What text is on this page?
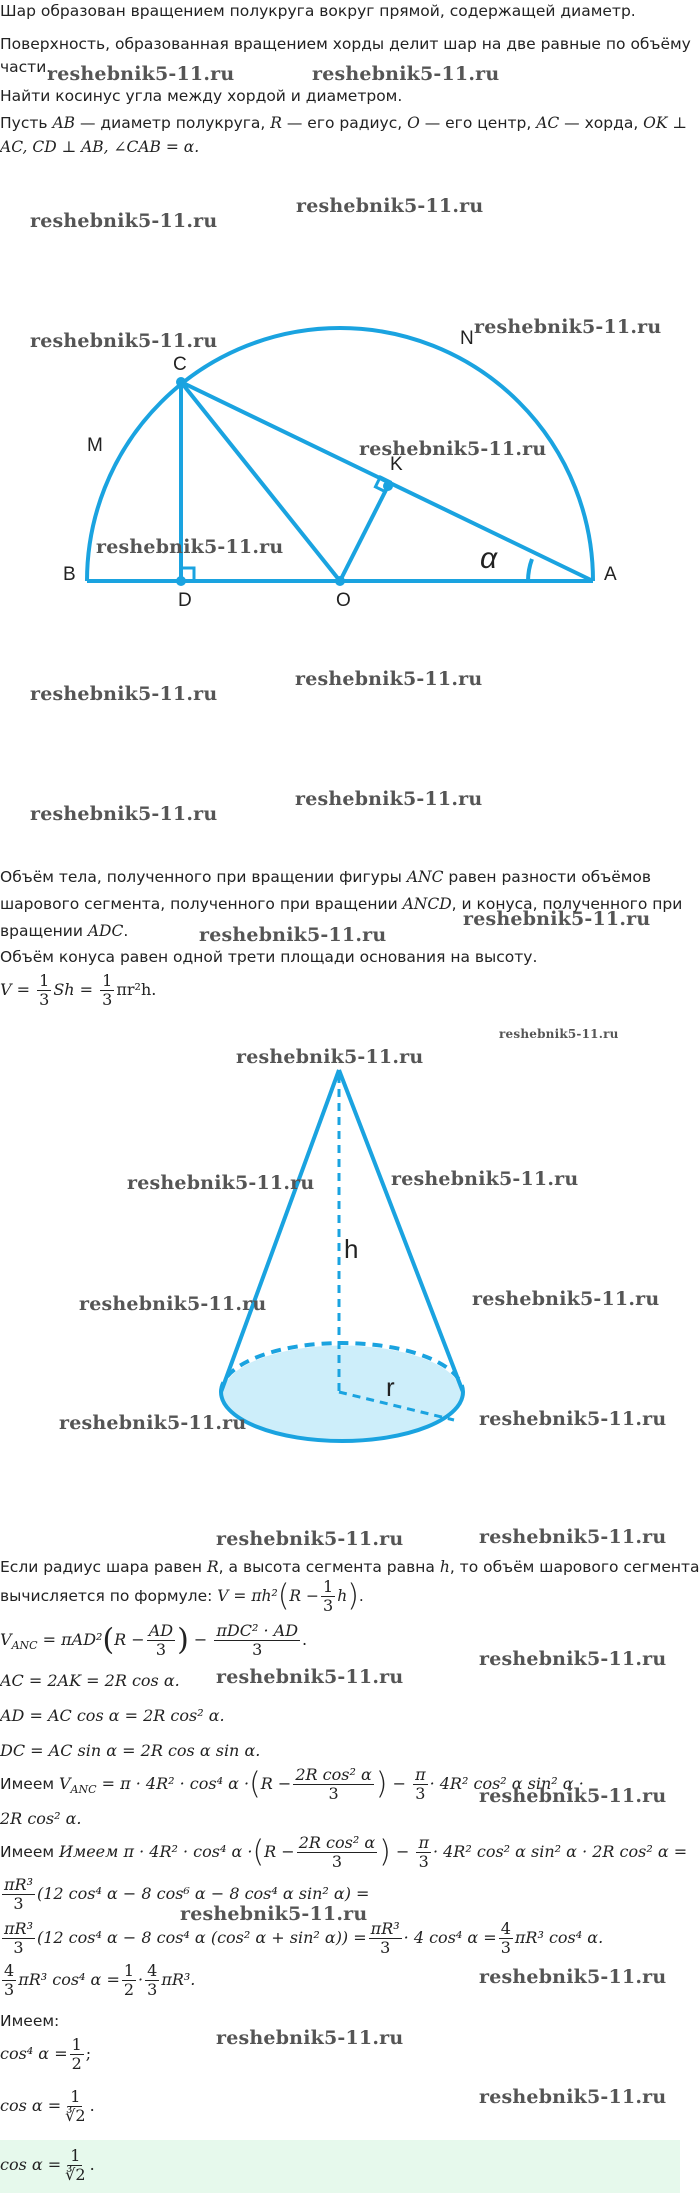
Шар образован вращением полукруга вокруг прямой, содержащей диаметр.
Поверхность, образованная вращением хорды делит шар на две равные по объёму
части.
Найти косинус угла между хордой и диаметром.
Пусть AB — диаметр полукруга, R — его радиус, O — его центр, AC — хорда, OK ⊥
AC, CD ⊥ AB, ∠CAB = α.
C
M
N
K
B
D	O
A
α
Объём тела, полученного при вращении фигуры ANC равен разности объёмов
шарового сегмента, полученного при вращении ANCD, и конуса, полученного при
вращении ADC.
Объём конуса равен одной трети площади основания на высоту.
$V = \frac{1}{3}$ $Sh = \frac{1}{3} \pi r^2h$.
h
r
Если радиус шара равен R, а высота сегмента равна h, то объём шарового сегмента
вычисляется по формуле: $V = \pi h^2(R - \frac{1}{3} h)$.
$V_{ANC} = \pi AD^2(R - \frac{AD}{3}$ ) − $\frac{\text{πDC² · AD}}{3}$ .
AC = 2AK = 2R cos α.
AD = AC cos α = 2R cos² α.
DC = AC sin α = 2R cos α sin α.
Имеем $V_{ANC} = \pi \cdot 4R^2 \cdot \cos^4$ $\alpha \cdot(R - \frac{\text{2R cos² α}}{3}$ ) − $\frac{\pi}{3} \cdot 4R^2$ cos² α sin² α ·
2R cos² α.
Имеем Имеем π · 4R² · cos⁴ $\alpha \cdot(R - \frac{\text{2R cos² α}}{3}$ ) − $\frac{\pi}{3} \cdot 4R^2$ cos² α sin² α · 2R cos² α =
$\frac{\text{πR³}}{3} (12$ cos⁴ α − 8 cos⁶ α − 8 cos⁴ α sin² α) =
$\frac{\text{πR³}}{3} (12$ cos⁴ α − 8 cos⁴ α (cos² α + sin² $\alpha)) = \frac{\text{πR³}}{3} \cdot 4$ cos⁴ $\alpha = \frac{4}{3} \pi R^3$ cos⁴ α.
$\frac{4}{3} \pi R^3$ cos⁴ $\alpha = \frac{1}{2} \cdot \frac{4}{3} \pi R^3$.
Имеем:
cos⁴ $\alpha = \frac{1}{2}$ ;
$\cos \alpha = \frac{1}{∛2}$ .
$\cos \alpha = \frac{1}{∛2}$ .
reshebnik5-11.ru	reshebnik5-11.ru
reshebnik5-11.ru
reshebnik5-11.ru
reshebnik5-11.ru
reshebnik5-11.ru
reshebnik5-11.ru
reshebnik5-11.ru
reshebnik5-11.ru
reshebnik5-11.ru
reshebnik5-11.ru
reshebnik5-11.ru
reshebnik5-11.ru
reshebnik5-11.ru
reshebnik5-11.ru
reshebnik5-11.ru
reshebnik5-11.ru	reshebnik5-11.ru
reshebnik5-11.ru	reshebnik5-11.ru
reshebnik5-11.ru	reshebnik5-11.ru
reshebnik5-11.ru	reshebnik5-11.ru
reshebnik5-11.ru
reshebnik5-11.ru
reshebnik5-11.ru
reshebnik5-11.ru
reshebnik5-11.ru
reshebnik5-11.ru
reshebnik5-11.ru
